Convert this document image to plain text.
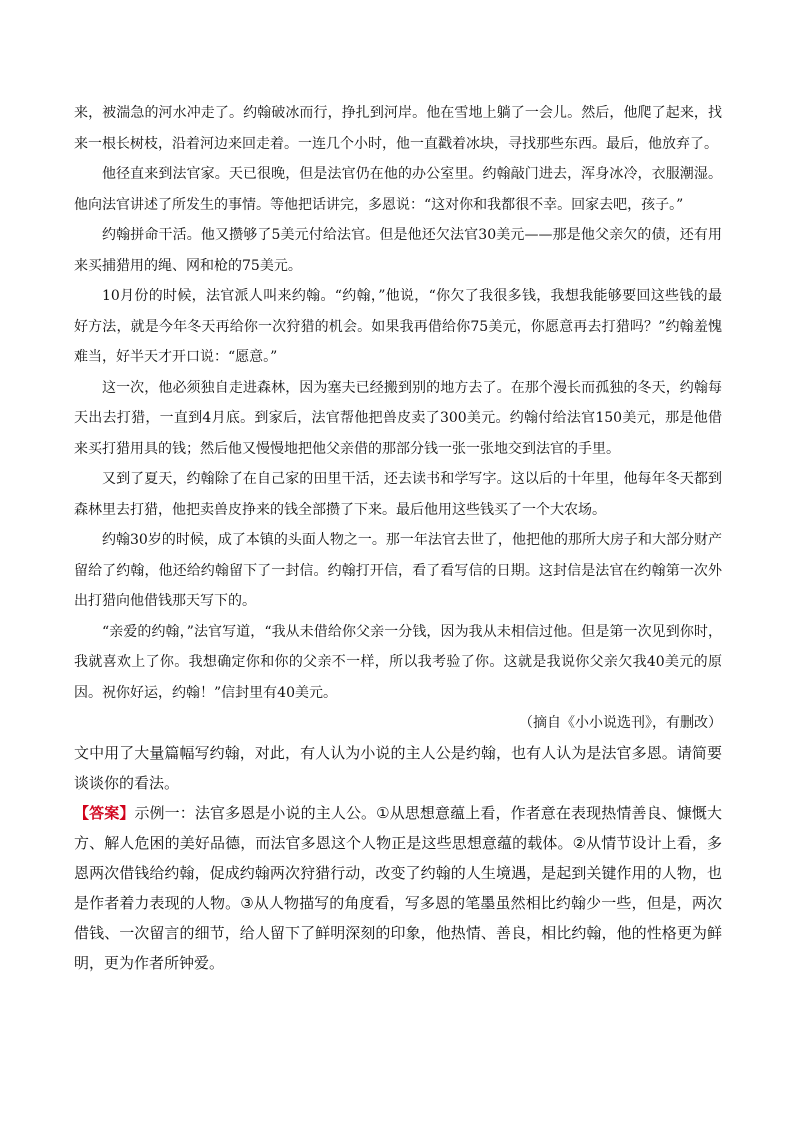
来，被湍急的河水冲走了。约翰破冰而行，挣扎到河岸。他在雪地上躺了一会儿。然后，他爬了起来，找来一根长树枝，沿着河边来回走着。一连几个小时，他一直戳着冰块，寻找那些东西。最后，他放弃了。

他径直来到法官家。天已很晚，但是法官仍在他的办公室里。约翰敲门进去，浑身冰冷，衣服潮湿。他向法官讲述了所发生的事情。等他把话讲完，多恩说：“这对你和我都很不幸。回家去吧，孩子。”

约翰拼命干活。他又攒够了5美元付给法官。但是他还欠法官30美元——那是他父亲欠的债，还有用来买捕猎用的绳、网和枪的75美元。

10月份的时候，法官派人叫来约翰。“约翰，”他说，“你欠了我很多钱，我想我能够要回这些钱的最好方法，就是今年冬天再给你一次狩猎的机会。如果我再借给你75美元，你愿意再去打猎吗？”约翰羞愧难当，好半天才开口说：“愿意。”

这一次，他必须独自走进森林，因为塞夫已经搬到别的地方去了。在那个漫长而孤独的冬天，约翰每天出去打猎，一直到4月底。到家后，法官帮他把兽皮卖了300美元。约翰付给法官150美元，那是他借来买打猎用具的钱；然后他又慢慢地把他父亲借的那部分钱一张一张地交到法官的手里。

又到了夏天，约翰除了在自己家的田里干活，还去读书和学写字。这以后的十年里，他每年冬天都到森林里去打猎，他把卖兽皮挣来的钱全部攒了下来。最后他用这些钱买了一个大农场。

约翰30岁的时候，成了本镇的头面人物之一。那一年法官去世了，他把他的那所大房子和大部分财产留给了约翰，他还给约翰留下了一封信。约翰打开信，看了看写信的日期。这封信是法官在约翰第一次外出打猎向他借钱那天写下的。

“亲爱的约翰，”法官写道，“我从未借给你父亲一分钱，因为我从未相信过他。但是第一次见到你时，我就喜欢上了你。我想确定你和你的父亲不一样，所以我考验了你。这就是我说你父亲欠我40美元的原因。祝你好运，约翰！”信封里有40美元。

（摘自《小小说选刊》，有删改）

文中用了大量篇幅写约翰，对此，有人认为小说的主人公是约翰，也有人认为是法官多恩。请简要谈谈你的看法。

【答案】示例一：法官多恩是小说的主人公。①从思想意蕴上看，作者意在表现热情善良、慷慨大方、解人危困的美好品德，而法官多恩这个人物正是这些思想意蕴的载体。②从情节设计上看，多恩两次借钱给约翰，促成约翰两次狩猎行动，改变了约翰的人生境遇，是起到关键作用的人物，也是作者着力表现的人物。③从人物描写的角度看，写多恩的笔墨虽然相比约翰少一些，但是，两次借钱、一次留言的细节，给人留下了鲜明深刻的印象，他热情、善良，相比约翰，他的性格更为鲜明，更为作者所钟爱。
